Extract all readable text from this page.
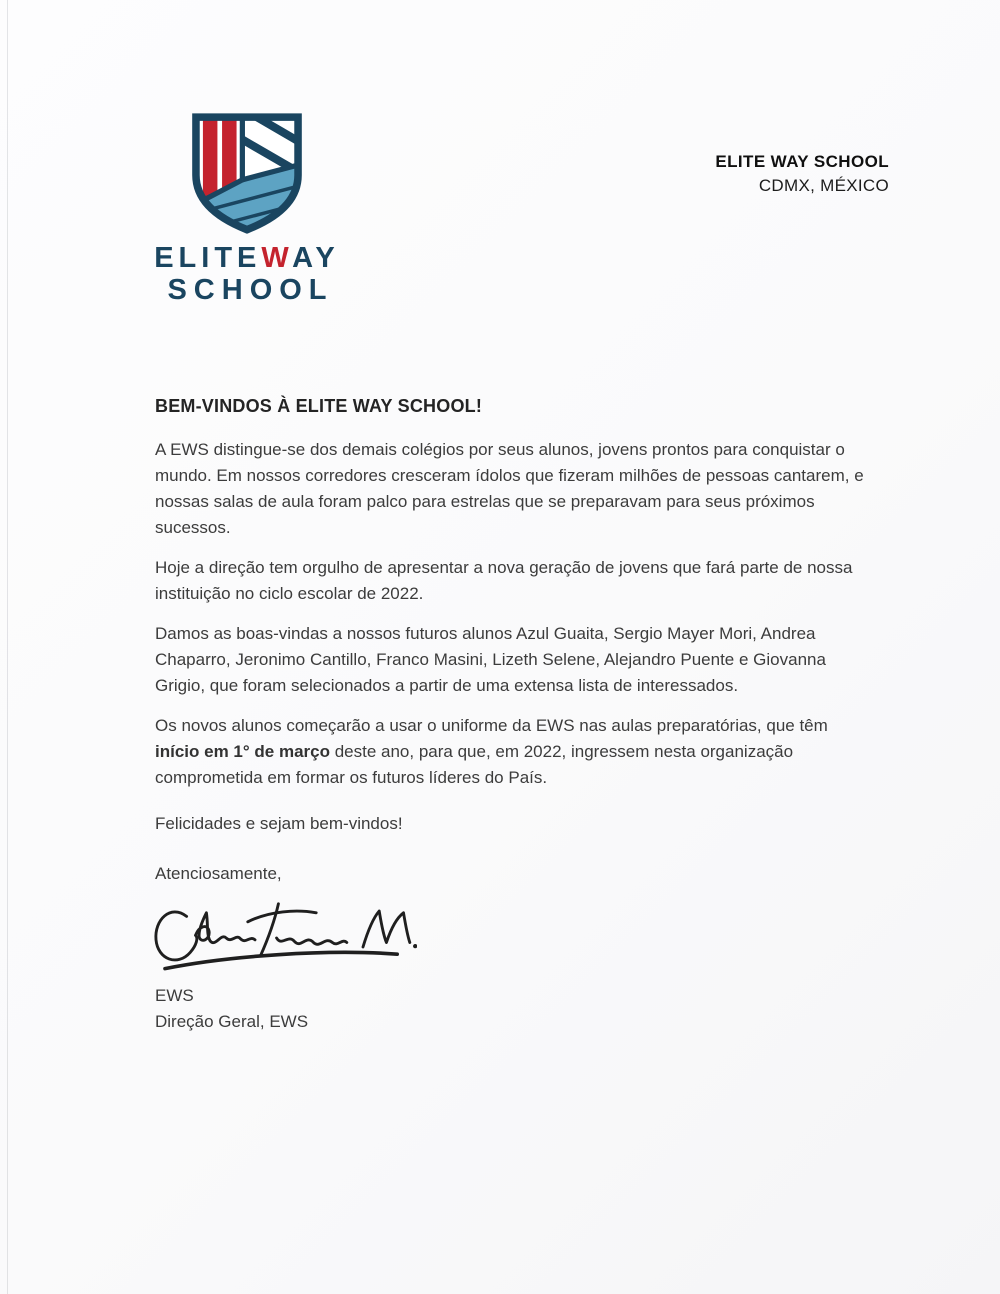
ELITEWAY
SCHOOL
ELITE WAY SCHOOL
CDMX, MÉXICO
BEM-VINDOS À ELITE WAY SCHOOL!

A EWS distingue-se dos demais colégios por seus alunos, jovens prontos para conquistar o mundo. Em nossos corredores cresceram ídolos que fizeram milhões de pessoas cantarem, e nossas salas de aula foram palco para estrelas que se preparavam para seus próximos sucessos.

Hoje a direção tem orgulho de apresentar a nova geração de jovens que fará parte de nossa instituição no ciclo escolar de 2022.

Damos as boas-vindas a nossos futuros alunos Azul Guaita, Sergio Mayer Mori, Andrea Chaparro, Jeronimo Cantillo, Franco Masini, Lizeth Selene, Alejandro Puente e Giovanna Grigio, que foram selecionados a partir de uma extensa lista de interessados.

Os novos alunos começarão a usar o uniforme da EWS nas aulas preparatórias, que têm início em 1° de março deste ano, para que, em 2022, ingressem nesta organização comprometida em formar os futuros líderes do País.

Felicidades e sejam bem-vindos!

Atenciosamente,

EWS
Direção Geral, EWS
